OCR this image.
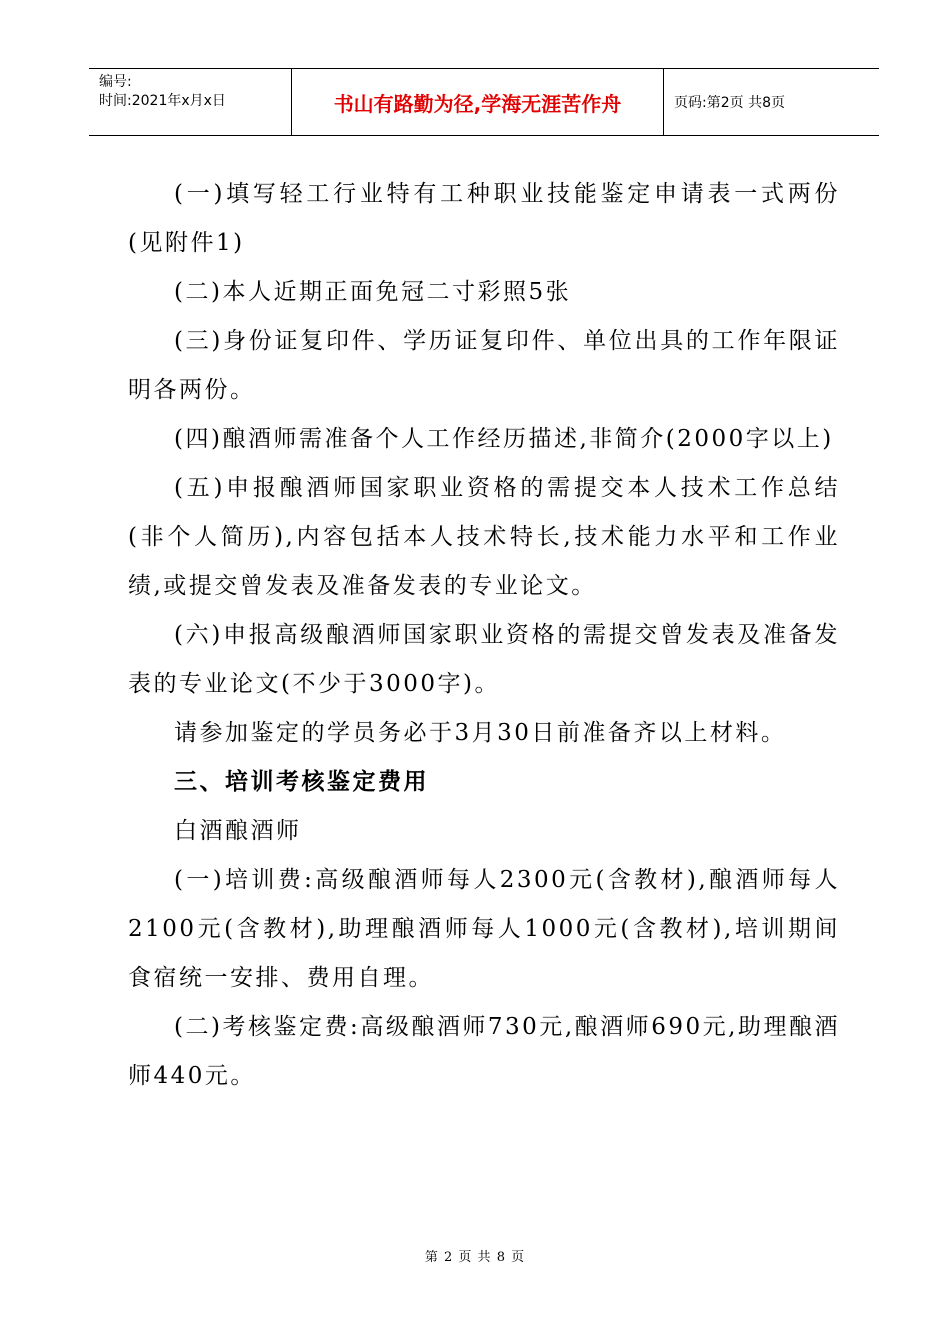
编号:
时间:2021年x月x日	书山有路勤为径,学海无涯苦作舟	页码:第2页 共8页

(一)填写轻工行业特有工种职业技能鉴定申请表一式两份(见附件1)

(二)本人近期正面免冠二寸彩照5张

(三)身份证复印件、学历证复印件、单位出具的工作年限证明各两份。

(四)酿酒师需准备个人工作经历描述,非简介(2000字以上)

(五)申报酿酒师国家职业资格的需提交本人技术工作总结(非个人简历),内容包括本人技术特长,技术能力水平和工作业绩,或提交曾发表及准备发表的专业论文。

(六)申报高级酿酒师国家职业资格的需提交曾发表及准备发表的专业论文(不少于3000字)。

请参加鉴定的学员务必于3月30日前准备齐以上材料。

三、培训考核鉴定费用

白酒酿酒师

(一)培训费:高级酿酒师每人2300元(含教材),酿酒师每人2100元(含教材),助理酿酒师每人1000元(含教材),培训期间食宿统一安排、费用自理。

(二)考核鉴定费:高级酿酒师730元,酿酒师690元,助理酿酒师440元。

第 2 页 共 8 页
